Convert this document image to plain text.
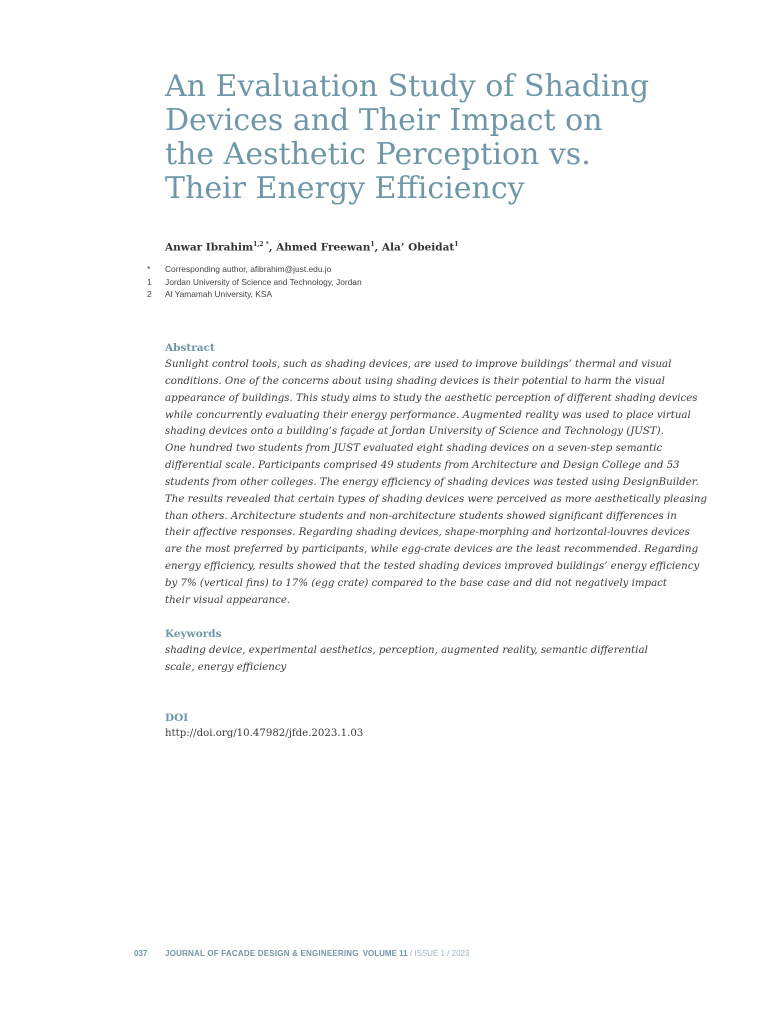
An Evaluation Study of Shading
Devices and Their Impact on
the Aesthetic Perception vs.
Their Energy Efficiency
Anwar Ibrahim$^{1,2 *}$, Ahmed Freewan$^1$, Ala’ Obeidat$^1$
*	Corresponding author, afibrahim@just.edu.jo
1	Jordan University of Science and Technology, Jordan
2	Al Yamamah University, KSA
Abstract
Sunlight control tools, such as shading devices, are used to improve buildings’ thermal and visual
conditions. One of the concerns about using shading devices is their potential to harm the visual
appearance of buildings. This study aims to study the aesthetic perception of different shading devices
while concurrently evaluating their energy performance. Augmented reality was used to place virtual
shading devices onto a building’s façade at Jordan University of Science and Technology (JUST).
One hundred two students from JUST evaluated eight shading devices on a seven-step semantic
differential scale. Participants comprised 49 students from Architecture and Design College and 53
students from other colleges. The energy efficiency of shading devices was tested using DesignBuilder.
The results revealed that certain types of shading devices were perceived as more aesthetically pleasing
than others. Architecture students and non-architecture students showed significant differences in
their affective responses. Regarding shading devices, shape-morphing and horizontal-louvres devices
are the most preferred by participants, while egg-crate devices are the least recommended. Regarding
energy efficiency, results showed that the tested shading devices improved buildings’ energy efficiency
by 7% (vertical fins) to 17% (egg crate) compared to the base case and did not negatively impact
their visual appearance.
Keywords
shading device, experimental aesthetics, perception, augmented reality, semantic differential
scale, energy efficiency
DOI
http://doi.org/10.47982/jfde.2023.1.03
037 JOURNAL OF FACADE DESIGN & ENGINEERING VOLUME 11 / ISSUE 1 / 2023
